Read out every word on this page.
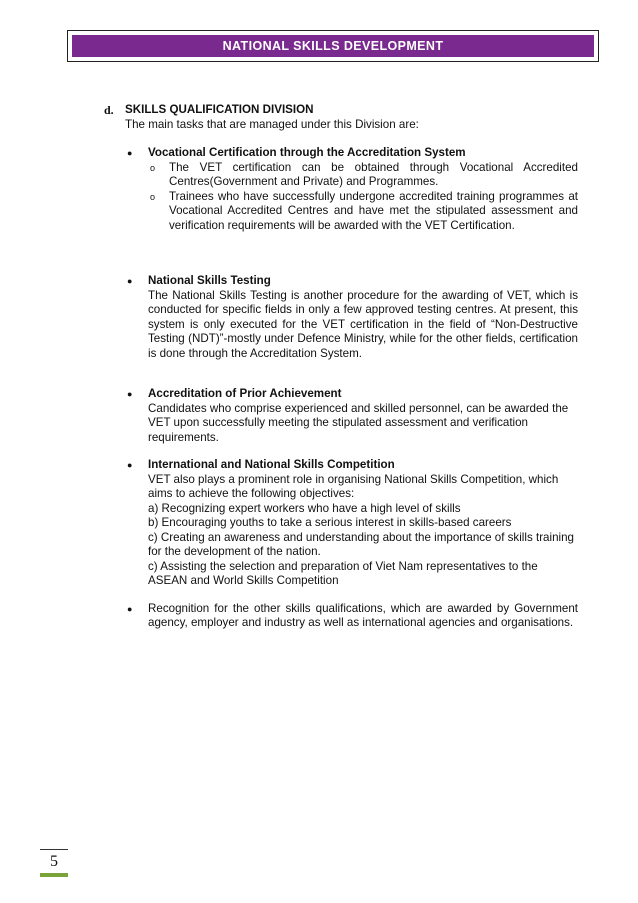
NATIONAL SKILLS DEVELOPMENT
d. SKILLS QUALIFICATION DIVISION
The main tasks that are managed under this Division are:
●	Vocational Certification through the Accreditation System
o	The VET certification can be obtained through Vocational Accredited Centres(Government and Private) and Programmes.
o	Trainees who have successfully undergone accredited training programmes at Vocational Accredited Centres and have met the stipulated assessment and verification requirements will be awarded with the VET Certification.
●	National Skills Testing
The National Skills Testing is another procedure for the awarding of VET, which is conducted for specific fields in only a few approved testing centres. At present, this system is only executed for the VET certification in the field of “Non-Destructive Testing (NDT)”-mostly under Defence Ministry, while for the other fields, certification is done through the Accreditation System.
●	Accreditation of Prior Achievement
Candidates who comprise experienced and skilled personnel, can be awarded the VET upon successfully meeting the stipulated assessment and verification requirements.
●	International and National Skills Competition
VET also plays a prominent role in organising National Skills Competition, which aims to achieve the following objectives:
a) Recognizing expert workers who have a high level of skills
b) Encouraging youths to take a serious interest in skills-based careers
c) Creating an awareness and understanding about the importance of skills training for the development of the nation.
c) Assisting the selection and preparation of Viet Nam representatives to the ASEAN and World Skills Competition
●	Recognition for the other skills qualifications, which are awarded by Government agency, employer and industry as well as international agencies and organisations.
5
